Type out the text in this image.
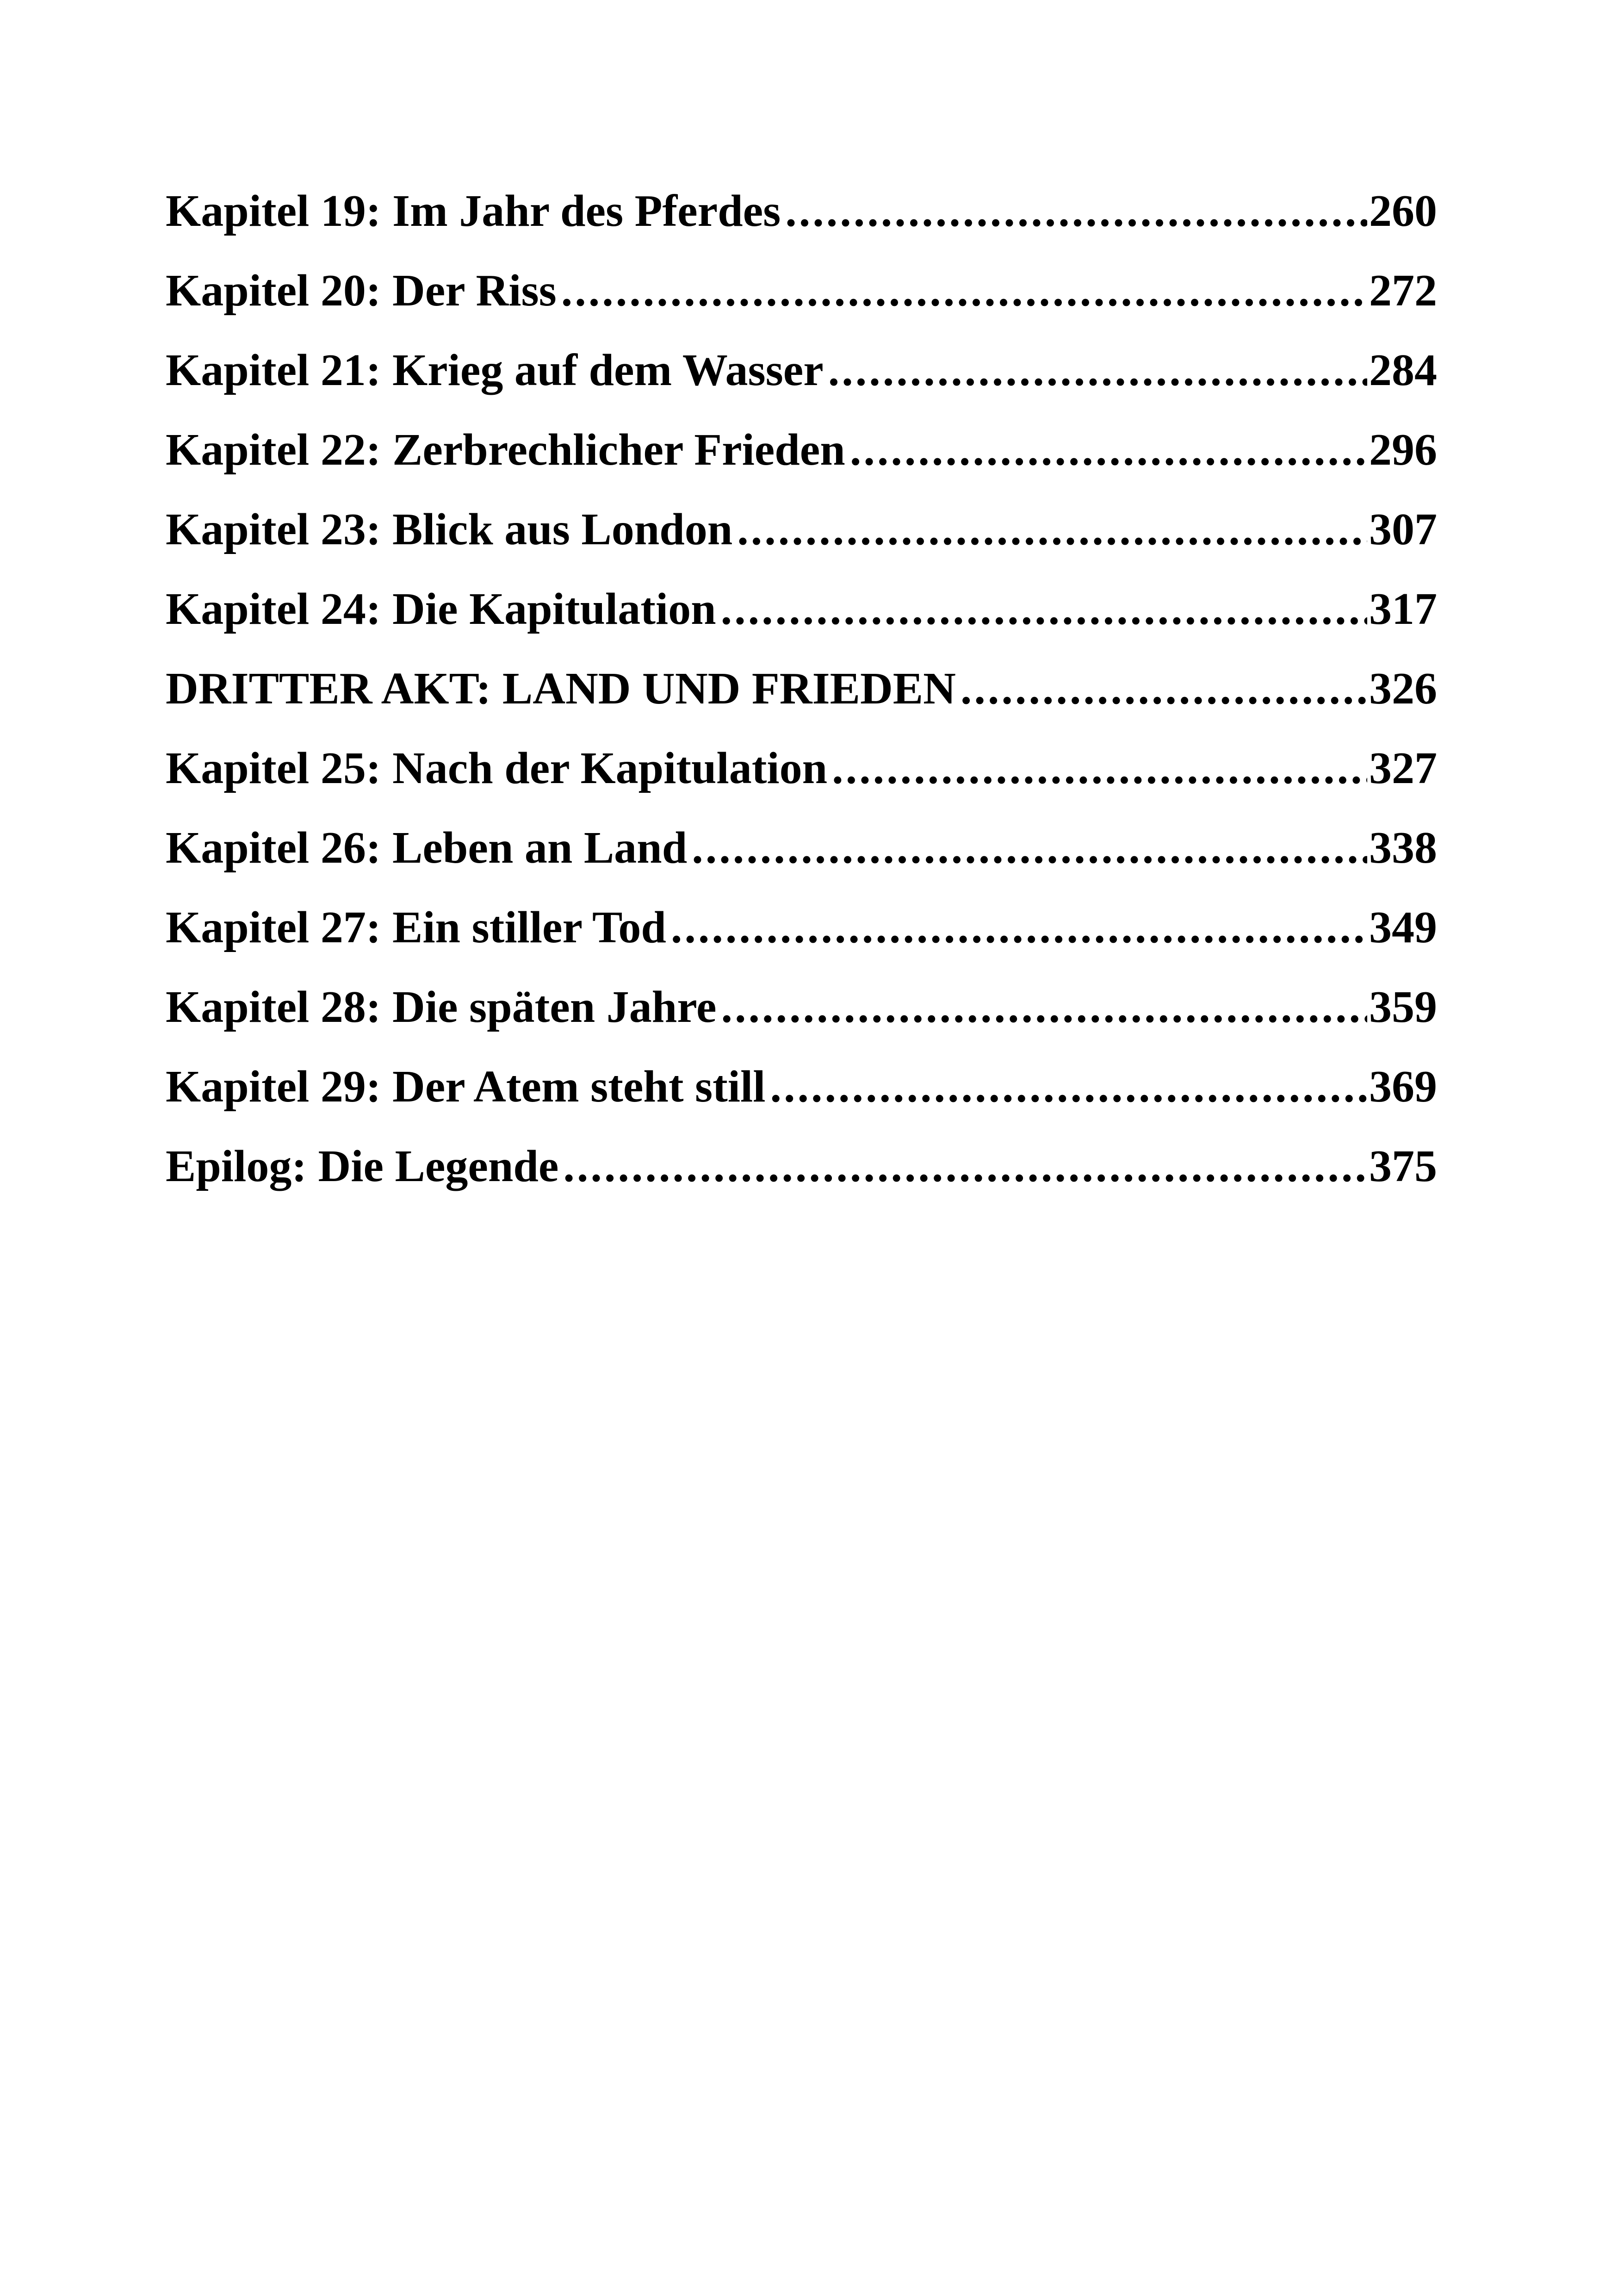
Kapitel 19: Im Jahr des Pferdes .....	260
Kapitel 20: Der Riss .....	272
Kapitel 21: Krieg auf dem Wasser .....	284
Kapitel 22: Zerbrechlicher Frieden .....	296
Kapitel 23: Blick aus London .....	307
Kapitel 24: Die Kapitulation .....	317
DRITTER AKT: LAND UND FRIEDEN .....	326
Kapitel 25: Nach der Kapitulation .....	327
Kapitel 26: Leben an Land .....	338
Kapitel 27: Ein stiller Tod .....	349
Kapitel 28: Die späten Jahre .....	359
Kapitel 29: Der Atem steht still .....	369
Epilog: Die Legende .....	375
